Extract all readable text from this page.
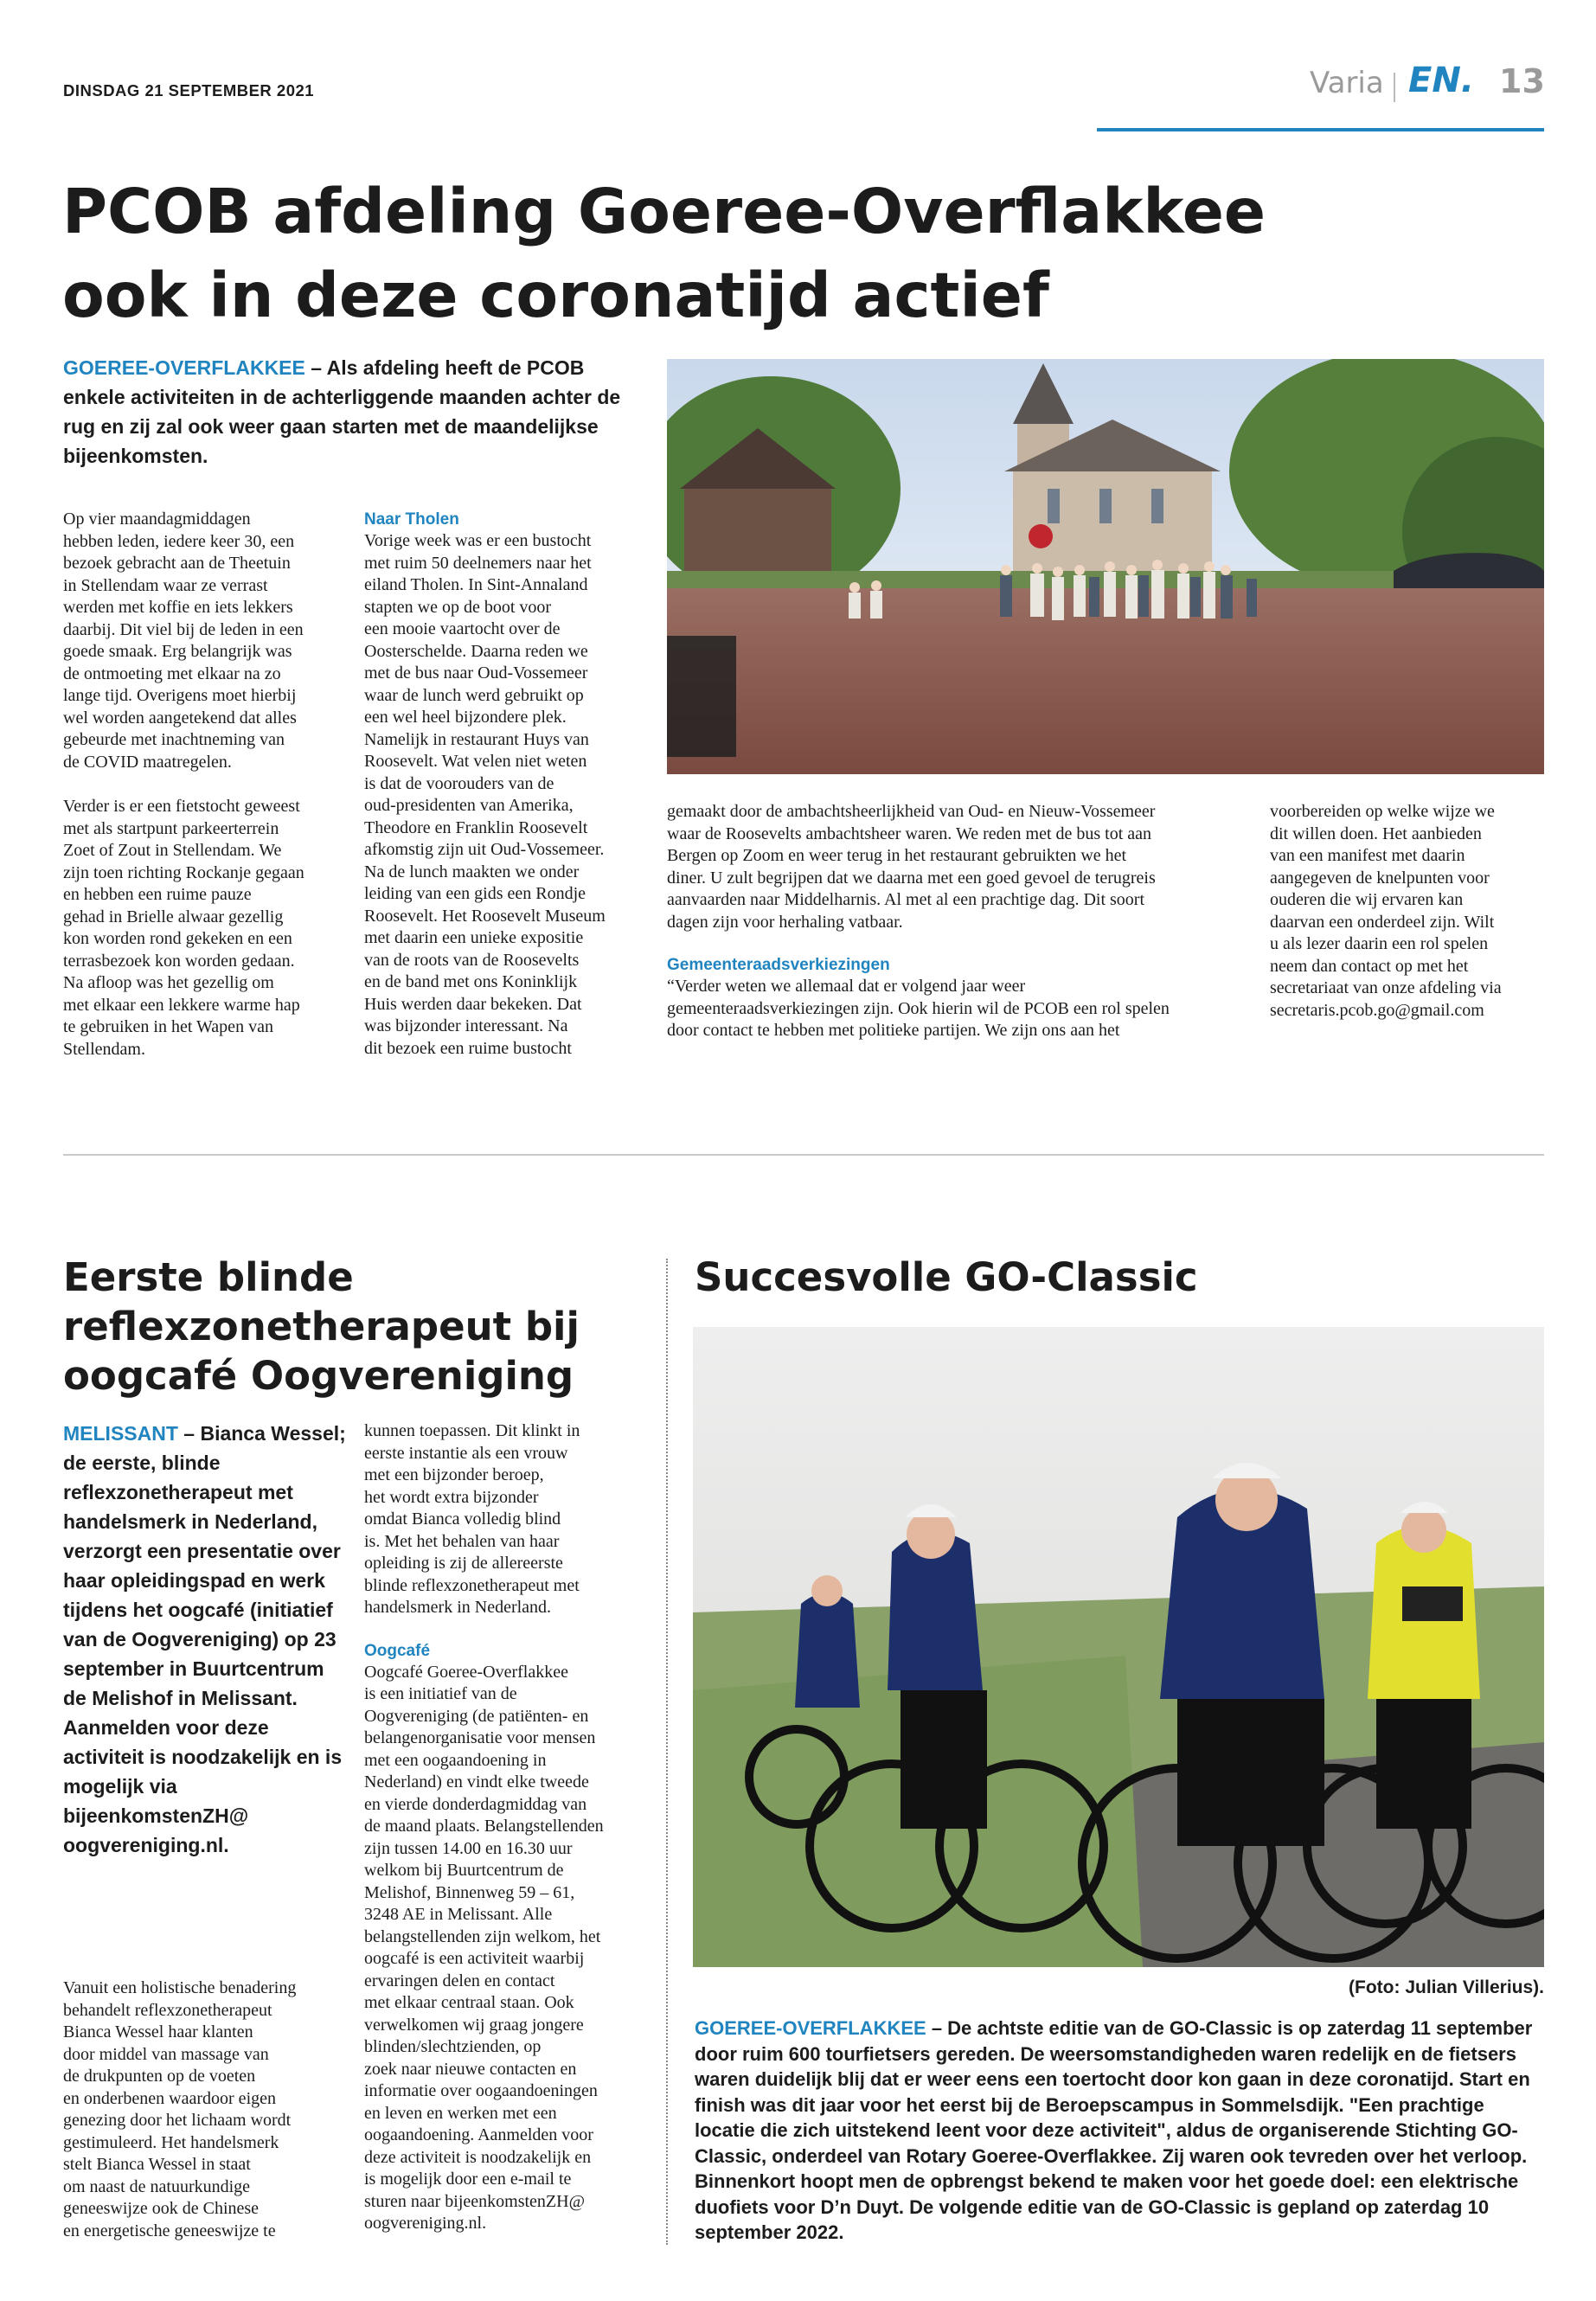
DINSDAG 21 SEPTEMBER 2021	Varia EN. 13
PCOB afdeling Goeree-Overflakkee
ook in deze coronatijd actief

GOEREE-OVERFLAKKEE – Als afdeling heeft de PCOB enkele activiteiten in de achterliggende maanden achter de rug en zij zal ook weer gaan starten met de maandelijkse bijeenkomsten.

Op vier maandagmiddagen
hebben leden, iedere keer 30, een
bezoek gebracht aan de Theetuin
in Stellendam waar ze verrast
werden met koffie en iets lekkers
daarbij. Dit viel bij de leden in een
goede smaak. Erg belangrijk was
de ontmoeting met elkaar na zo
lange tijd. Overigens moet hierbij
wel worden aangetekend dat alles
gebeurde met inachtneming van
de COVID maatregelen.

Verder is er een fietstocht geweest
met als startpunt parkeerterrein
Zoet of Zout in Stellendam. We
zijn toen richting Rockanje gegaan
en hebben een ruime pauze
gehad in Brielle alwaar gezellig
kon worden rond gekeken en een
terrasbezoek kon worden gedaan.
Na afloop was het gezellig om
met elkaar een lekkere warme hap
te gebruiken in het Wapen van
Stellendam.

Naar Tholen

Vorige week was er een bustocht
met ruim 50 deelnemers naar het
eiland Tholen. In Sint-Annaland
stapten we op de boot voor
een mooie vaartocht over de
Oosterschelde. Daarna reden we
met de bus naar Oud-Vossemeer
waar de lunch werd gebruikt op
een wel heel bijzondere plek.
Namelijk in restaurant Huys van
Roosevelt. Wat velen niet weten
is dat de voorouders van de
oud-presidenten van Amerika,
Theodore en Franklin Roosevelt
afkomstig zijn uit Oud-Vossemeer.
Na de lunch maakten we onder
leiding van een gids een Rondje
Roosevelt. Het Roosevelt Museum
met daarin een unieke expositie
van de roots van de Roosevelts
en de band met ons Koninklijk
Huis werden daar bekeken. Dat
was bijzonder interessant. Na
dit bezoek een ruime bustocht

gemaakt door de ambachtsheerlijkheid van Oud- en Nieuw-Vossemeer
waar de Roosevelts ambachtsheer waren. We reden met de bus tot aan
Bergen op Zoom en weer terug in het restaurant gebruikten we het
diner. U zult begrijpen dat we daarna met een goed gevoel de terugreis
aanvaarden naar Middelharnis. Al met al een prachtige dag. Dit soort
dagen zijn voor herhaling vatbaar.

Gemeenteraadsverkiezingen

“Verder weten we allemaal dat er volgend jaar weer
gemeenteraadsverkiezingen zijn. Ook hierin wil de PCOB een rol spelen
door contact te hebben met politieke partijen. We zijn ons aan het

voorbereiden op welke wijze we
dit willen doen. Het aanbieden
van een manifest met daarin
aangegeven de knelpunten voor
ouderen die wij ervaren kan
daarvan een onderdeel zijn. Wilt
u als lezer daarin een rol spelen
neem dan contact op met het
secretariaat van onze afdeling via
secretaris.pcob.go@gmail.com

Eerste blinde reflexzonetherapeut bij oogcafé Oogvereniging

MELISSANT – Bianca Wessel; de eerste, blinde reflexzonetherapeut met handelsmerk in Nederland, verzorgt een presentatie over haar opleidingspad en werk tijdens het oogcafé (initiatief van de Oogvereniging) op 23 september in Buurtcentrum de Melishof in Melissant. Aanmelden voor deze activiteit is noodzakelijk en is mogelijk via bijeenkomstenZH@ oogvereniging.nl.

Vanuit een holistische benadering
behandelt reflexzonetherapeut
Bianca Wessel haar klanten
door middel van massage van
de drukpunten op de voeten
en onderbenen waardoor eigen
genezing door het lichaam wordt
gestimuleerd. Het handelsmerk
stelt Bianca Wessel in staat
om naast de natuurkundige
geneeswijze ook de Chinese
en energetische geneeswijze te

kunnen toepassen. Dit klinkt in
eerste instantie als een vrouw
met een bijzonder beroep,
het wordt extra bijzonder
omdat Bianca volledig blind
is. Met het behalen van haar
opleiding is zij de allereerste
blinde reflexzonetherapeut met
handelsmerk in Nederland.

Oogcafé

Oogcafé Goeree-Overflakkee
is een initiatief van de
Oogvereniging (de patiënten- en
belangenorganisatie voor mensen
met een oogaandoening in
Nederland) en vindt elke tweede
en vierde donderdagmiddag van
de maand plaats. Belangstellenden
zijn tussen 14.00 en 16.30 uur
welkom bij Buurtcentrum de
Melishof, Binnenweg 59 – 61,
3248 AE in Melissant. Alle
belangstellenden zijn welkom, het
oogcafé is een activiteit waarbij
ervaringen delen en contact
met elkaar centraal staan. Ook
verwelkomen wij graag jongere
blinden/slechtzienden, op
zoek naar nieuwe contacten en
informatie over oogaandoeningen
en leven en werken met een
oogaandoening. Aanmelden voor
deze activiteit is noodzakelijk en
is mogelijk door een e-mail te
sturen naar bijeenkomstenZH@
oogvereniging.nl.

Succesvolle GO-Classic
(Foto: Julian Villerius).

GOEREE-OVERFLAKKEE – De achtste editie van de GO-Classic is op zaterdag 11 september door ruim 600 tourfietsers gereden. De weersomstandigheden waren redelijk en de fietsers waren duidelijk blij dat er weer eens een toertocht door kon gaan in deze coronatijd. Start en finish was dit jaar voor het eerst bij de Beroepscampus in Sommelsdijk. "Een prachtige locatie die zich uitstekend leent voor deze activiteit", aldus de organiserende Stichting GO-Classic, onderdeel van Rotary Goeree-Overflakkee. Zij waren ook tevreden over het verloop. Binnenkort hoopt men de opbrengst bekend te maken voor het goede doel: een elektrische duofiets voor D’n Duyt. De volgende editie van de GO-Classic is gepland op zaterdag 10 september 2022.
